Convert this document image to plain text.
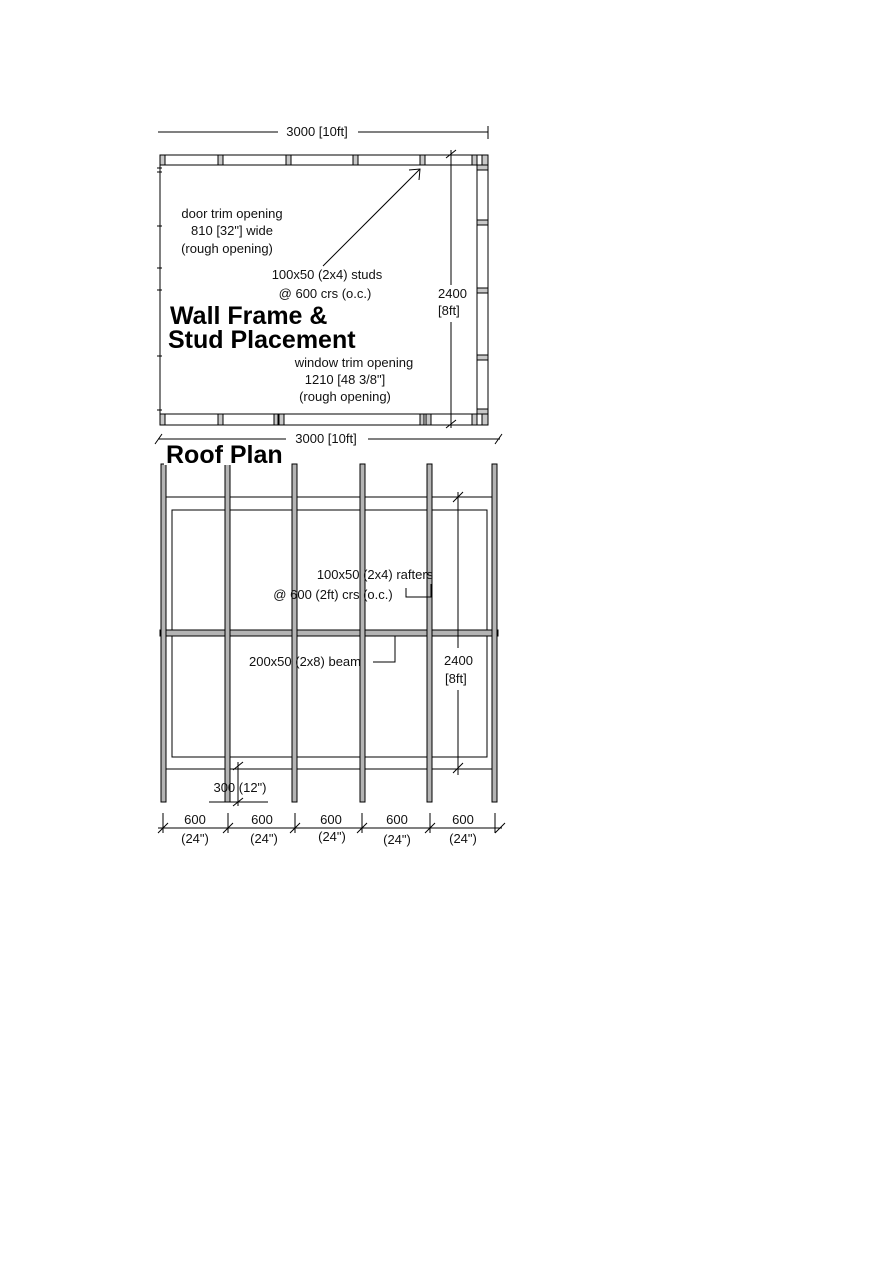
3000 [10ft]
2400
[8ft]
door trim opening
810 [32"] wide
(rough opening)
100x50 (2x4) studs
@ 600 crs (o.c.)
Wall Frame &
Stud Placement
window trim opening
1210 [48 3/8"]
(rough opening)
3000 [10ft]
Roof Plan
2400
[8ft]
100x50 (2x4) rafters
@ 600 (2ft) crs (o.c.)
200x50 (2x8) beam
300 (12")
600
(24")
600
(24")
600
(24")
600
(24")
600
(24")
